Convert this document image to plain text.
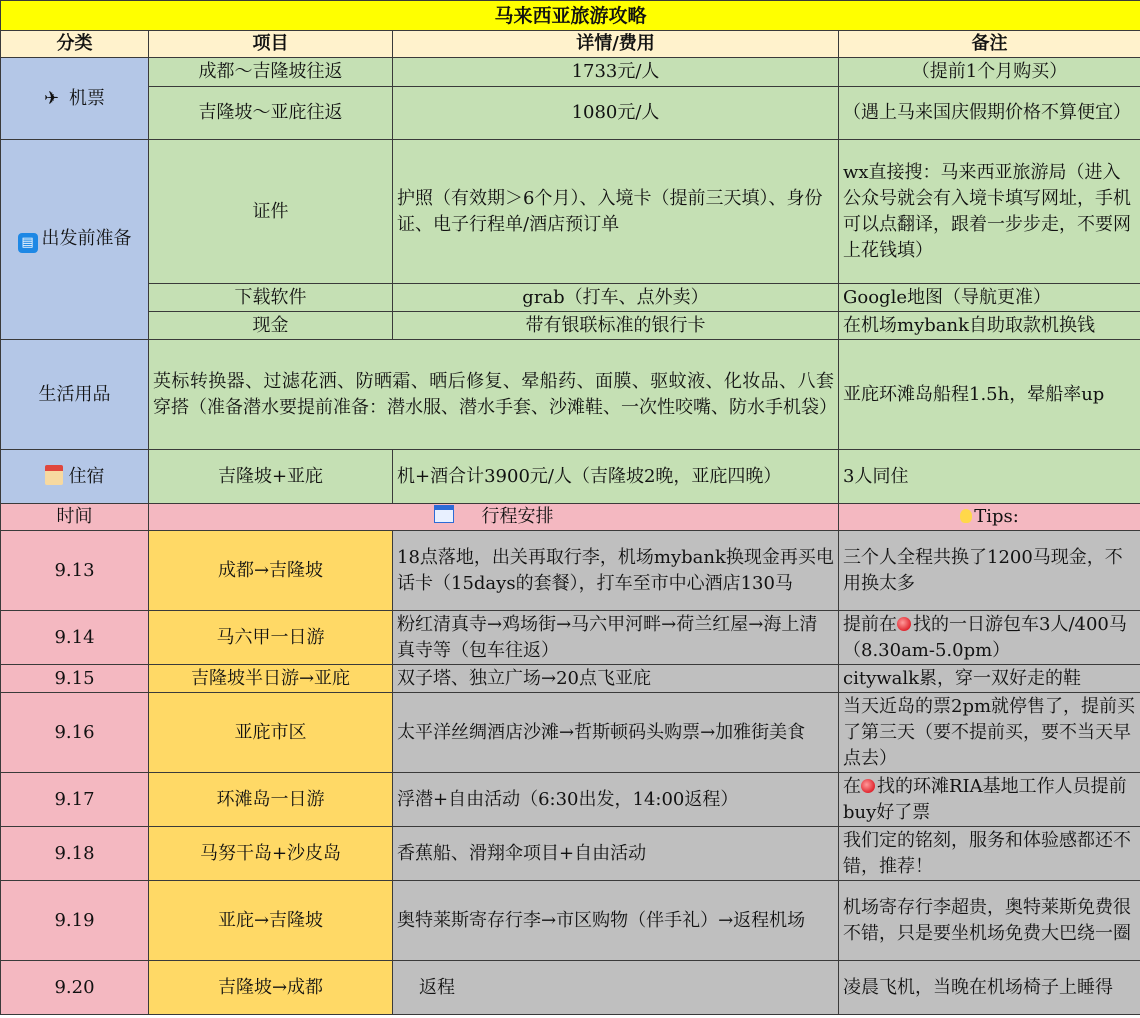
马来西亚旅游攻略			
分类	项目	详情/费用	备注
✈ 机票	成都～吉隆坡往返	1733元/人	（提前1个月购买）
	吉隆坡～亚庇往返	1080元/人	（遇上马来国庆假期价格不算便宜）
▤ 出发前准备	证件	护照（有效期＞6个月）、入境卡（提前三天填）、身份证、电子行程单/酒店预订单	wx直接搜：马来西亚旅游局（进入公众号就会有入境卡填写网址，手机可以点翻译，跟着一步步走，不要网上花钱填）
	下载软件	grab（打车、点外卖）	Google地图（导航更准）
	现金	带有银联标准的银行卡	在机场mybank自助取款机换钱
生活用品	英标转换器、过滤花洒、防晒霜、晒后修复、晕船药、面膜、驱蚊液、化妆品、八套穿搭（准备潜水要提前准备：潜水服、潜水手套、沙滩鞋、一次性咬嘴、防水手机袋）		亚庇环滩岛船程1.5h，晕船率up
住宿	吉隆坡+亚庇	机+酒合计3900元/人（吉隆坡2晚，亚庇四晚）	3人同住
时间	行程安排		Tips:
9.13	成都→吉隆坡	18点落地，出关再取行李，机场mybank换现金再买电话卡（15days的套餐），打车至市中心酒店130马	三个人全程共换了1200马现金，不用换太多
9.14	马六甲一日游	粉红清真寺→鸡场街→马六甲河畔→荷兰红屋→海上清真寺等（包车往返）	提前在 找的一日游包车3人/400马（8.30am-5.0pm）
9.15	吉隆坡半日游→亚庇	双子塔、独立广场→20点飞亚庇	citywalk累，穿一双好走的鞋
9.16	亚庇市区	太平洋丝绸酒店沙滩→哲斯顿码头购票→加雅街美食	当天近岛的票2pm就停售了，提前买了第三天（要不提前买，要不当天早点去）
9.17	环滩岛一日游	浮潜+自由活动（6:30出发，14:00返程）	在 找的环滩RIA基地工作人员提前buy好了票
9.18	马努干岛+沙皮岛	香蕉船、滑翔伞项目+自由活动	我们定的铭刻，服务和体验感都还不错，推荐！
9.19	亚庇→吉隆坡	奥特莱斯寄存行李→市区购物（伴手礼）→返程机场	机场寄存行李超贵，奥特莱斯免费很不错，只是要坐机场免费大巴绕一圈
9.20	吉隆坡→成都	返程	凌晨飞机，当晚在机场椅子上睡得
